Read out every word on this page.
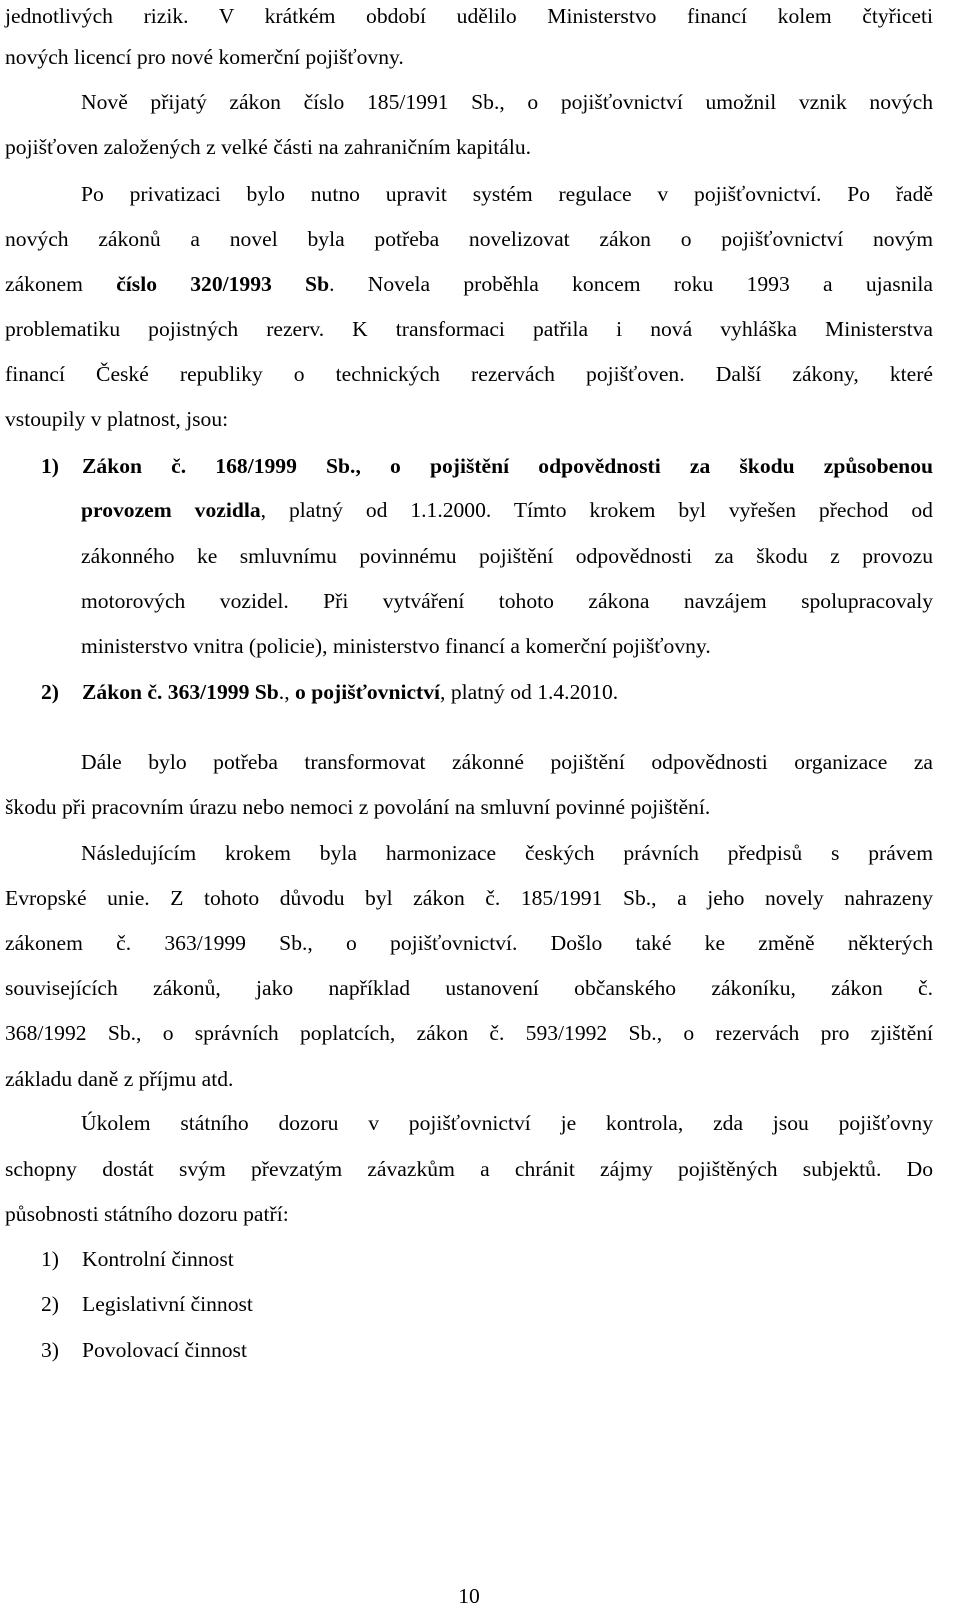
jednotlivých rizik. V krátkém období udělilo Ministerstvo financí kolem čtyřiceti
nových licencí pro nové komerční pojišťovny.
Nově přijatý zákon číslo 185/1991 Sb., o pojišťovnictví umožnil vznik nových
pojišťoven založených z velké části na zahraničním kapitálu.
Po privatizaci bylo nutno upravit systém regulace v pojišťovnictví. Po řadě
nových zákonů a novel byla potřeba novelizovat zákon o pojišťovnictví novým
zákonem číslo 320/1993 Sb. Novela proběhla koncem roku 1993 a ujasnila
problematiku pojistných rezerv. K transformaci patřila i nová vyhláška Ministerstva
financí České republiky o technických rezervách pojišťoven. Další zákony, které
vstoupily v platnost, jsou:
1) Zákon č. 168/1999 Sb., o pojištění odpovědnosti za škodu způsobenou
provozem vozidla, platný od 1.1.2000. Tímto krokem byl vyřešen přechod od
zákonného ke smluvnímu povinnému pojištění odpovědnosti za škodu z provozu
motorových vozidel. Při vytváření tohoto zákona navzájem spolupracovaly
ministerstvo vnitra (policie), ministerstvo financí a komerční pojišťovny.
2) Zákon č. 363/1999 Sb., o pojišťovnictví, platný od 1.4.2010.
Dále bylo potřeba transformovat zákonné pojištění odpovědnosti organizace za
škodu při pracovním úrazu nebo nemoci z povolání na smluvní povinné pojištění.
Následujícím krokem byla harmonizace českých právních předpisů s právem
Evropské unie. Z tohoto důvodu byl zákon č. 185/1991 Sb., a jeho novely nahrazeny
zákonem č. 363/1999 Sb., o pojišťovnictví. Došlo také ke změně některých
souvisejících zákonů, jako například ustanovení občanského zákoníku, zákon č.
368/1992 Sb., o správních poplatcích, zákon č. 593/1992 Sb., o rezervách pro zjištění
základu daně z příjmu atd.
Úkolem státního dozoru v pojišťovnictví je kontrola, zda jsou pojišťovny
schopny dostát svým převzatým závazkům a chránit zájmy pojištěných subjektů. Do
působnosti státního dozoru patří:
1) Kontrolní činnost
2) Legislativní činnost
3) Povolovací činnost
10
